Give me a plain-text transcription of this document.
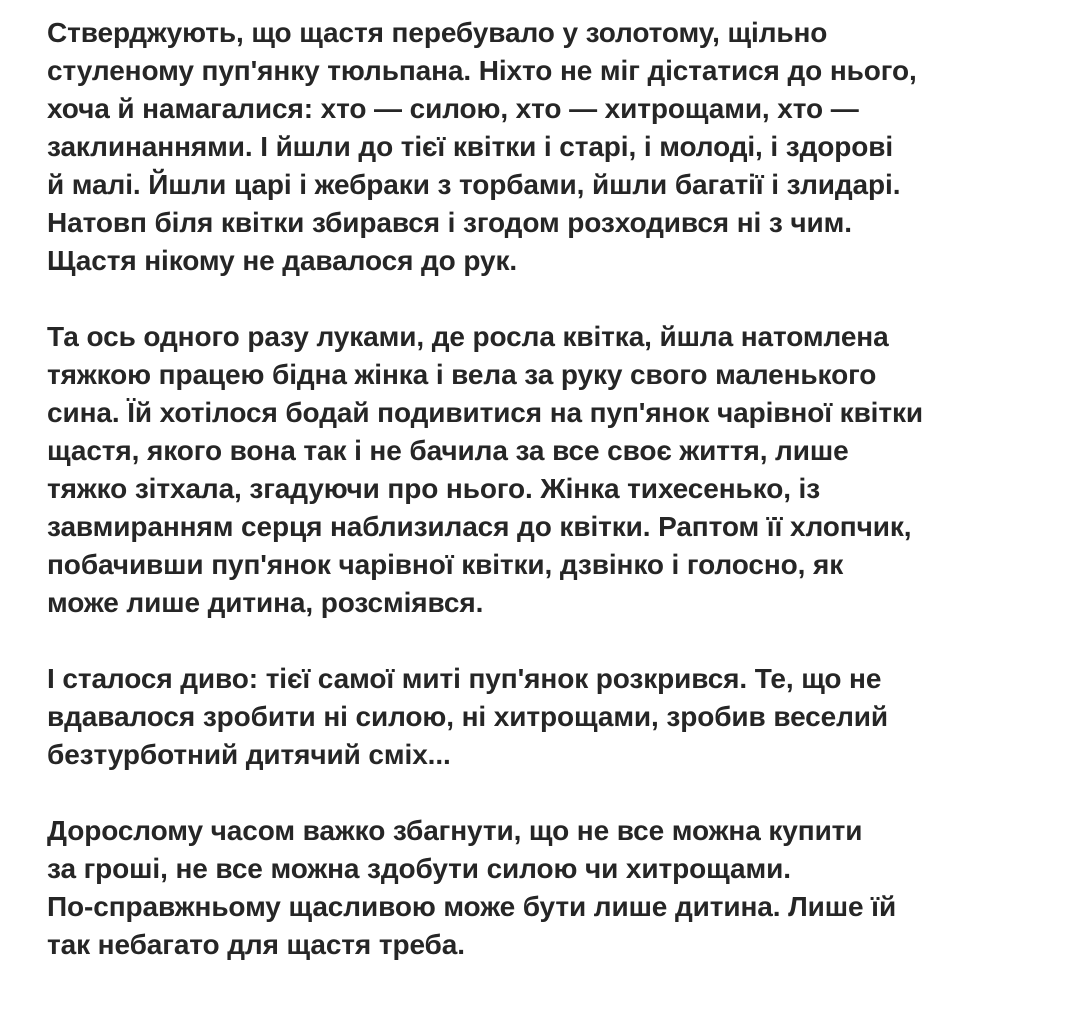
Стверджують, що щастя перебувало у золотому, щільно
стуленому пуп'янку тюльпана. Ніхто не міг дістатися до нього,
хоча й намагалися: хто — силою, хто — хитрощами, хто —
заклинаннями. І йшли до тієї квітки і старі, і молоді, і здорові
й малі. Йшли царі і жебраки з торбами, йшли багатії і злидарі.
Натовп біля квітки збирався і згодом розходився ні з чим.
Щастя нікому не давалося до рук.

Та ось одного разу луками, де росла квітка, йшла натомлена
тяжкою працею бідна жінка і вела за руку свого маленького
сина. Їй хотілося бодай подивитися на пуп'янок чарівної квітки
щастя, якого вона так і не бачила за все своє життя, лише
тяжко зітхала, згадуючи про нього. Жінка тихесенько, із
завмиранням серця наблизилася до квітки. Раптом її хлопчик,
побачивши пуп'янок чарівної квітки, дзвінко і голосно, як
може лише дитина, розсміявся.

І сталося диво: тієї самої миті пуп'янок розкрився. Те, що не
вдавалося зробити ні силою, ні хитрощами, зробив веселий
безтурботний дитячий сміх...

Дорослому часом важко збагнути, що не все можна купити
за гроші, не все можна здобути силою чи хитрощами.
По-справжньому щасливою може бути лише дитина. Лише їй
так небагато для щастя треба.
